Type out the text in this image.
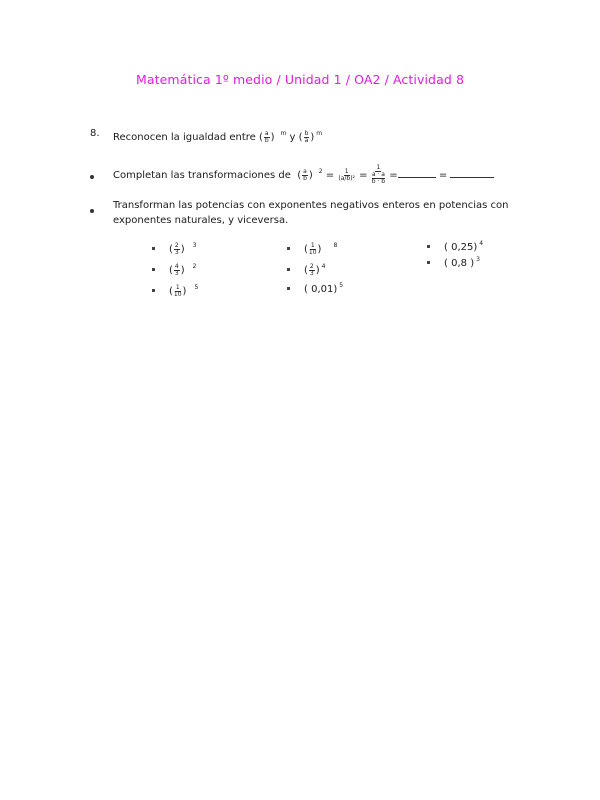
Matemática 1º medio / Unidad 1 / OA2 / Actividad 8
8. Reconocen la igualdad entre ( $\frac{a}{b}$ ) $^m$ y ( $\frac{b}{a}$ ) $^m$
Completan las transformaciones de ( $\frac{a}{b}$ ) $^2 = \frac{1}{\text{(a/b)²}}$ =
1
a · a
b · b
=	=
Transforman las potencias con exponentes negativos enteros en potencias con
exponentes naturales, y viceversa.
( $\frac{2}{3}$ ) $^3$
( $\frac{4}{3}$ ) $^2$
( $\frac{1}{10}$ ) $^5$
( $\frac{1}{10}$ ) $^8$
( $\frac{2}{3}$ ) $^4$
( 0,01) $^5$
( 0,25) $^4$
( 0,8 ) $^3$
